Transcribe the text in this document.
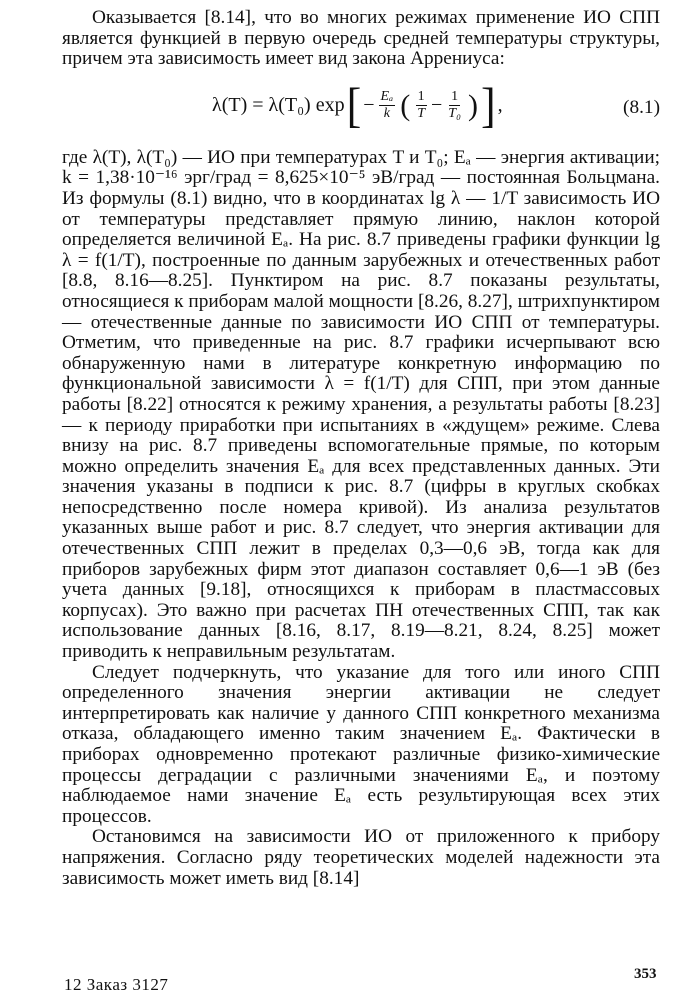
Оказывается [8.14], что во многих режимах применение ИО СПП является функцией в первую очередь средней температуры структуры, причем эта зависимость имеет вид закона Аррениуса:

λ(T) = λ(T₀) exp [ − $\frac{\text{Eₐ}}{k}$ ( $\frac{1}{T} - \frac{1}{\text{T₀}}$ ) ] ,	(8.1)

где λ(T), λ(T₀) — ИО при температурах T и T₀; Eₐ — энергия активации; k = 1,38·10⁻¹⁶ эрг/град = 8,625×10⁻⁵ эВ/град — постоянная Больцмана. Из формулы (8.1) видно, что в координатах lg λ — 1/T зависимость ИО от температуры представляет прямую линию, наклон которой определяется величиной Eₐ. На рис. 8.7 приведены графики функции lg λ = f(1/T), построенные по данным зарубежных и отечественных работ [8.8, 8.16—8.25]. Пунктиром на рис. 8.7 показаны результаты, относящиеся к приборам малой мощности [8.26, 8.27], штрихпунктиром — отечественные данные по зависимости ИО СПП от температуры. Отметим, что приведенные на рис. 8.7 графики исчерпывают всю обнаруженную нами в литературе конкретную информацию по функциональной зависимости λ = f(1/T) для СПП, при этом данные работы [8.22] относятся к режиму хранения, а результаты работы [8.23] — к периоду приработки при испытаниях в «ждущем» режиме. Слева внизу на рис. 8.7 приведены вспомогательные прямые, по которым можно определить значения Eₐ для всех представленных данных. Эти значения указаны в подписи к рис. 8.7 (цифры в круглых скобках непосредственно после номера кривой). Из анализа результатов указанных выше работ и рис. 8.7 следует, что энергия активации для отечественных СПП лежит в пределах 0,3—0,6 эВ, тогда как для приборов зарубежных фирм этот диапазон составляет 0,6—1 эВ (без учета данных [9.18], относящихся к приборам в пластмассовых корпусах). Это важно при расчетах ПН отечественных СПП, так как использование данных [8.16, 8.17, 8.19—8.21, 8.24, 8.25] может приводить к неправильным результатам.

Следует подчеркнуть, что указание для того или иного СПП определенного значения энергии активации не следует интерпретировать как наличие у данного СПП конкретного механизма отказа, обладающего именно таким значением Eₐ. Фактически в приборах одновременно протекают различные физико-химические процессы деградации с различными значениями Eₐ, и поэтому наблюдаемое нами значение Eₐ есть результирующая всех этих процессов.

Остановимся на зависимости ИО от приложенного к прибору напряжения. Согласно ряду теоретических моделей надежности эта зависимость может иметь вид [8.14]

12 Заказ 3127
353
